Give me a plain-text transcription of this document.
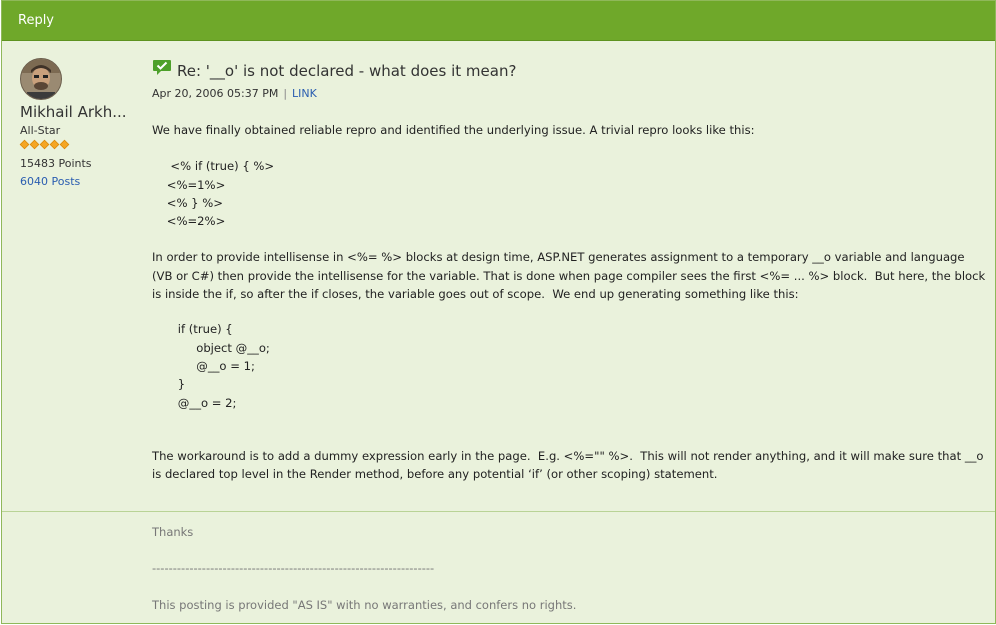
Reply
Mikhail Arkh...
All-Star
15483 Points
6040 Posts
Re: '__o' is not declared - what does it mean?
Apr 20, 2006 05:37 PM | LINK

We have finally obtained reliable repro and identified the underlying issue. A trivial repro looks like this:

<% if (true) { %>
<%=1%>
<% } %>
<%=2%>
In order to provide intellisense in <%= %> blocks at design time, ASP.NET generates assignment to a temporary __o variable and language
(VB or C#) then provide the intellisense for the variable. That is done when page compiler sees the first <%= ... %> block.  But here, the block
is inside the if, so after the if closes, the variable goes out of scope.  We end up generating something like this:
if (true) {
object @__o;
@__o = 1;
}
@__o = 2;
The workaround is to add a dummy expression early in the page.  E.g. <%="" %>.  This will not render anything, and it will make sure that __o
is declared top level in the Render method, before any potential ‘if’ (or other scoping) statement.
Thanks
--------------------------------------------------------------------
This posting is provided "AS IS" with no warranties, and confers no rights.
